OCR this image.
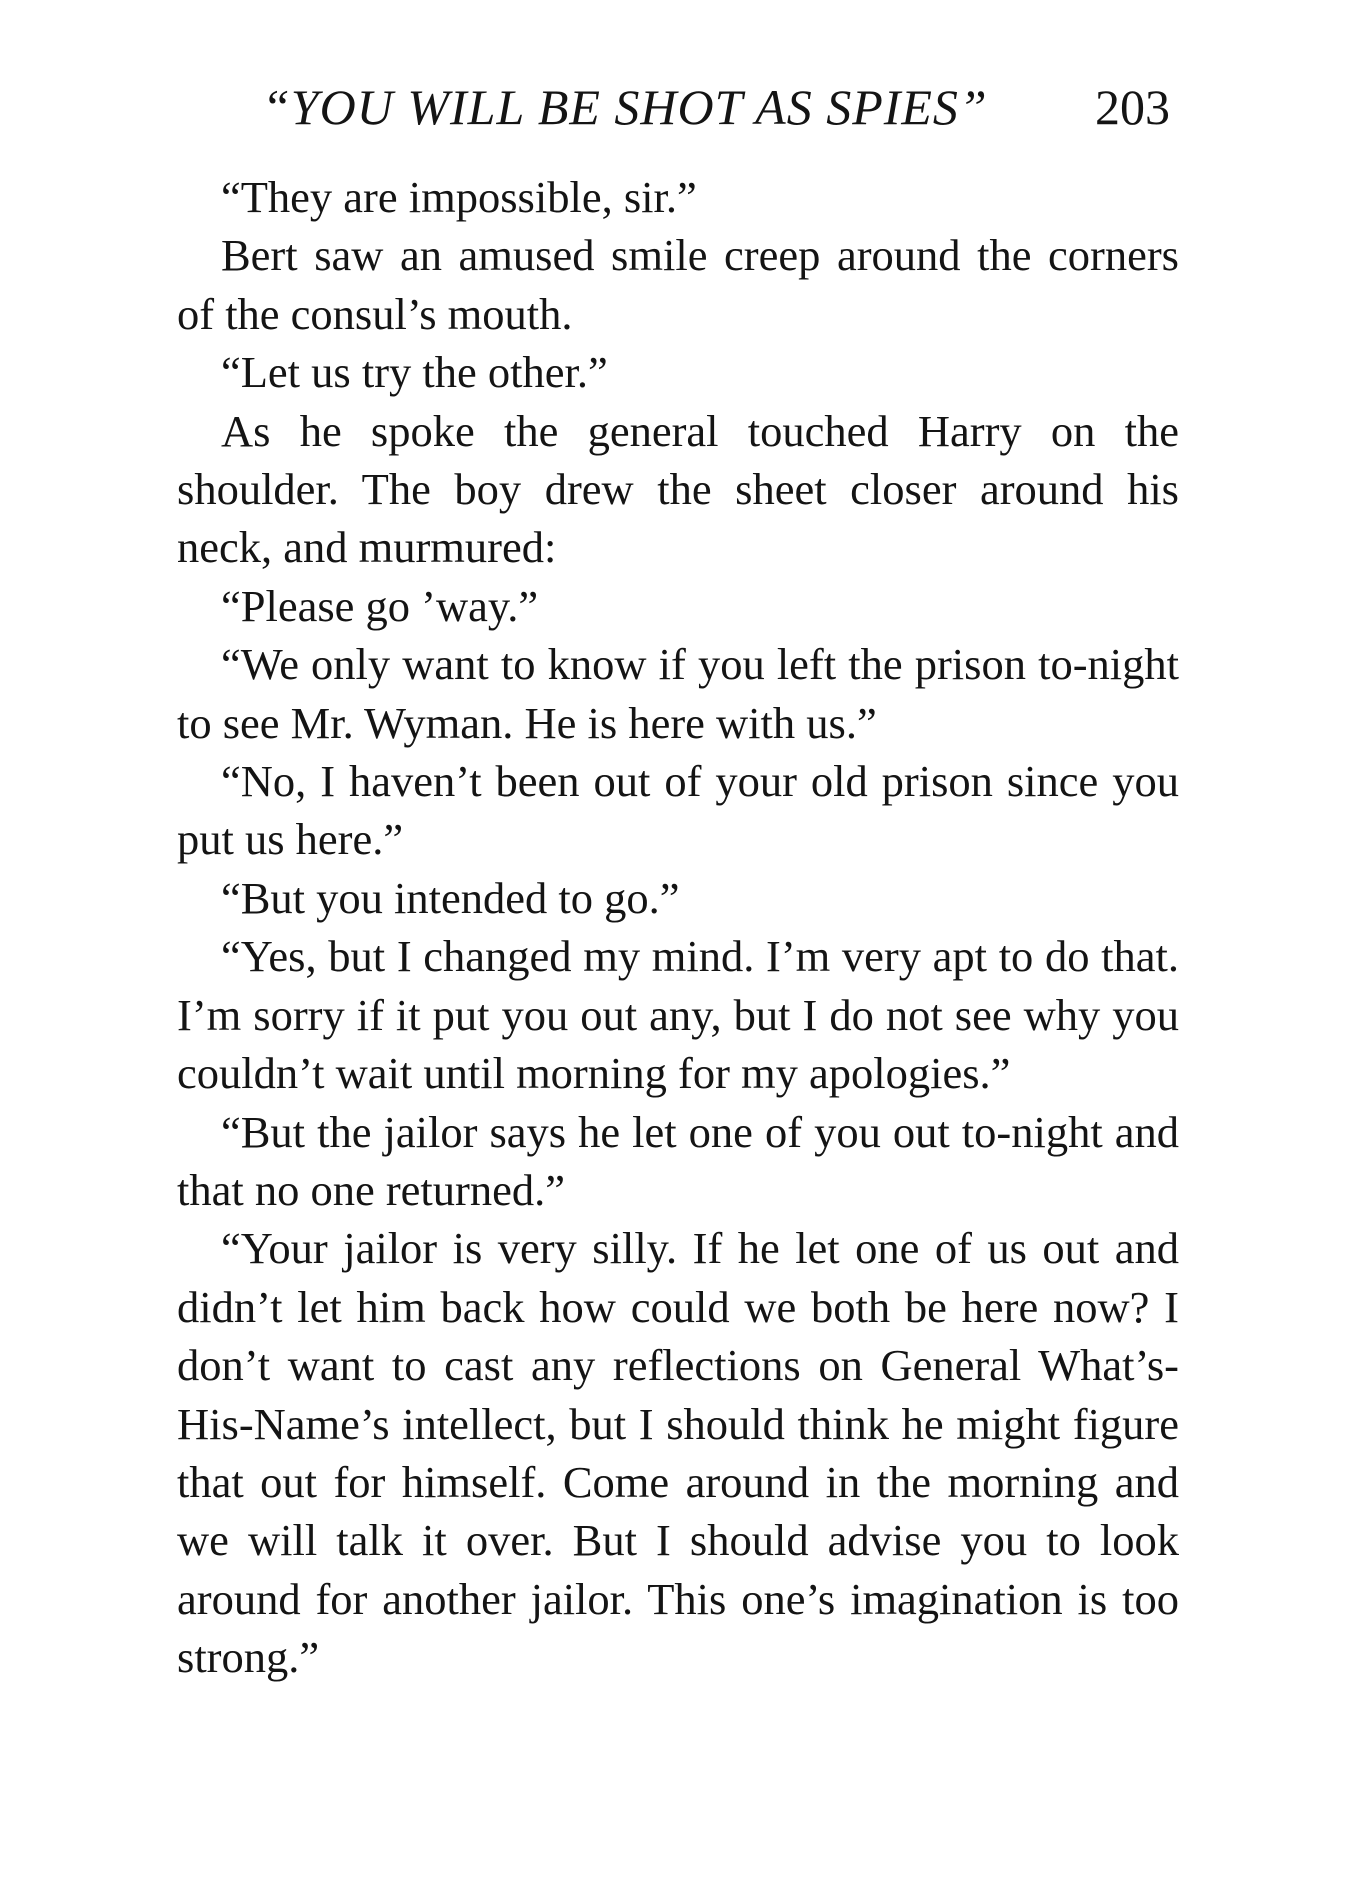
“YOU WILL BE SHOT AS SPIES” 203

“They are impossible, sir.”

Bert saw an amused smile creep around the corners of the consul’s mouth.

“Let us try the other.”

As he spoke the general touched Harry on the shoulder. The boy drew the sheet closer around his neck, and murmured:

“Please go ’way.”

“We only want to know if you left the prison to-night to see Mr. Wyman. He is here with us.”

“No, I haven’t been out of your old prison since you put us here.”

“But you intended to go.”

“Yes, but I changed my mind. I’m very apt to do that. I’m sorry if it put you out any, but I do not see why you couldn’t wait until morning for my apologies.”

“But the jailor says he let one of you out to-night and that no one returned.”

“Your jailor is very silly. If he let one of us out and didn’t let him back how could we both be here now? I don’t want to cast any reflections on General What’s-His-Name’s intellect, but I should think he might figure that out for himself. Come around in the morning and we will talk it over. But I should advise you to look around for another jailor. This one’s imagination is too strong.”
